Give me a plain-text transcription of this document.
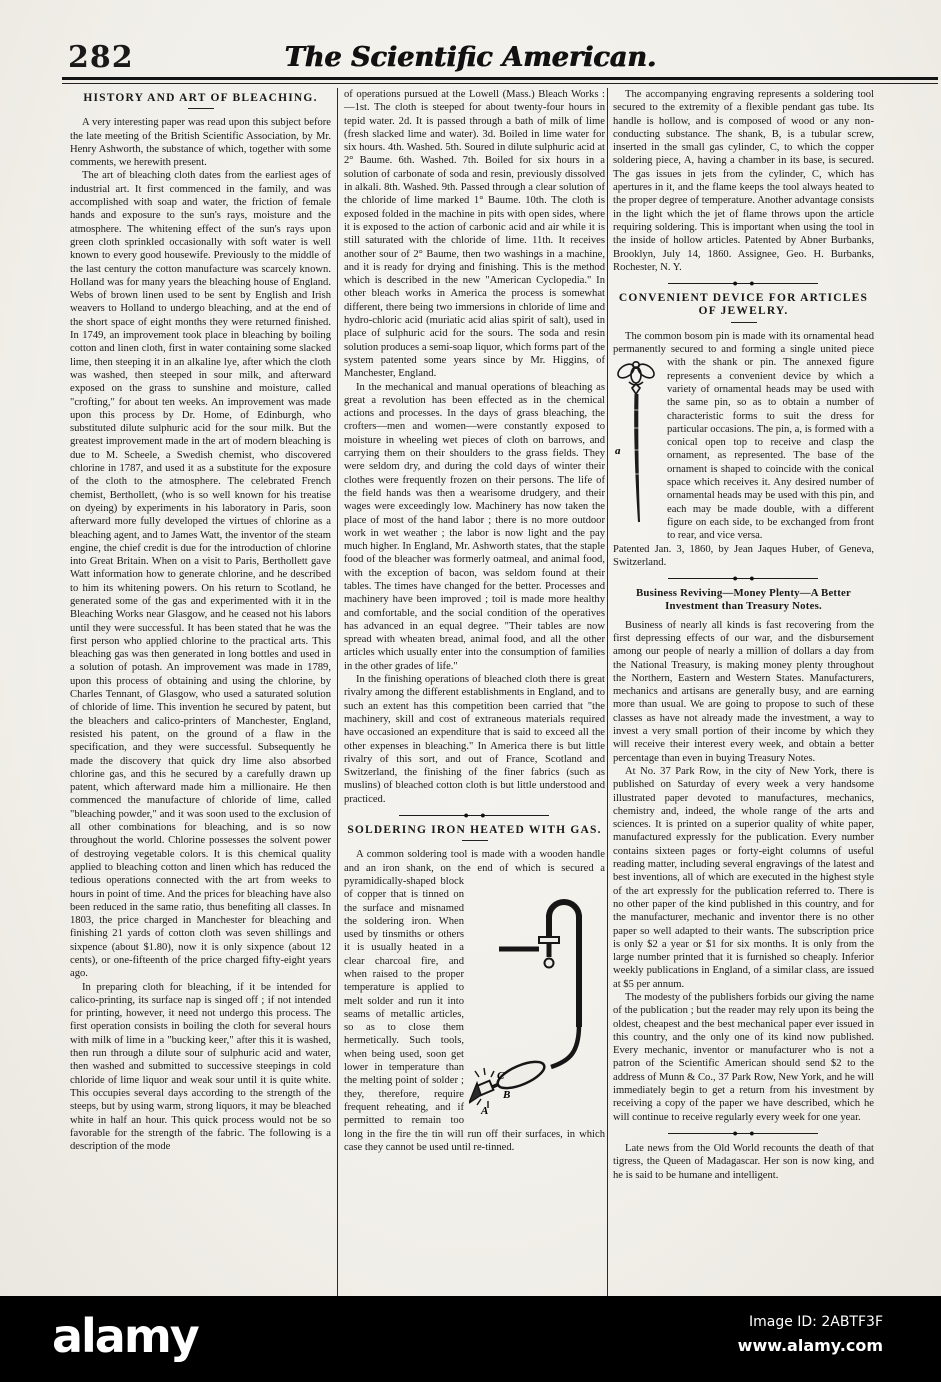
282	The Scientific American.
HISTORY AND ART OF BLEACHING.

A very interesting paper was read upon this subject before the late meeting of the British Scientific Association, by Mr. Henry Ashworth, the substance of which, together with some comments, we herewith present.

The art of bleaching cloth dates from the earliest ages of industrial art. It first commenced in the family, and was accomplished with soap and water, the friction of female hands and exposure to the sun's rays, moisture and the atmosphere. The whitening effect of the sun's rays upon green cloth sprinkled occasionally with soft water is well known to every good housewife. Previously to the middle of the last century the cotton manufacture was scarcely known. Holland was for many years the bleaching house of England. Webs of brown linen used to be sent by English and Irish weavers to Holland to undergo bleaching, and at the end of the short space of eight months they were returned finished. In 1749, an improvement took place in bleaching by boiling cotton and linen cloth, first in water containing some slacked lime, then steeping it in an alkaline lye, after which the cloth was washed, then steeped in sour milk, and afterward exposed on the grass to sunshine and moisture, called "crofting," for about ten weeks. An improvement was made upon this process by Dr. Home, of Edinburgh, who substituted dilute sulphuric acid for the sour milk. But the greatest improvement made in the art of modern bleaching is due to M. Scheele, a Swedish chemist, who discovered chlorine in 1787, and used it as a substitute for the exposure of the cloth to the atmosphere. The celebrated French chemist, Berthollett, (who is so well known for his treatise on dyeing) by experiments in his laboratory in Paris, soon afterward more fully developed the virtues of chlorine as a bleaching agent, and to James Watt, the inventor of the steam engine, the chief credit is due for the introduction of chlorine into Great Britain. When on a visit to Paris, Berthollett gave Watt information how to generate chlorine, and he described to him its whitening powers. On his return to Scotland, he generated some of the gas and experimented with it in the Bleaching Works near Glasgow, and he ceased not his labors until they were successful. It has been stated that he was the first person who applied chlorine to the practical arts. This bleaching gas was then generated in long bottles and used in a solution of potash. An improvement was made in 1789, upon this process of obtaining and using the chlorine, by Charles Tennant, of Glasgow, who used a saturated solution of chloride of lime. This invention he secured by patent, but the bleachers and calico-printers of Manchester, England, resisted his patent, on the ground of a flaw in the specification, and they were successful. Subsequently he made the discovery that quick dry lime also absorbed chlorine gas, and this he secured by a carefully drawn up patent, which afterward made him a millionaire. He then commenced the manufacture of chloride of lime, called "bleaching powder," and it was soon used to the exclusion of all other combinations for bleaching, and is so now throughout the world. Chlorine possesses the solvent power of destroying vegetable colors. It is this chemical quality applied to bleaching cotton and linen which has reduced the tedious operations connected with the art from weeks to hours in point of time. And the prices for bleaching have also been reduced in the same ratio, thus benefiting all classes. In 1803, the price charged in Manchester for bleaching and finishing 21 yards of cotton cloth was seven shillings and sixpence (about $1.80), now it is only sixpence (about 12 cents), or one-fifteenth of the price charged fifty-eight years ago.

In preparing cloth for bleaching, if it be intended for calico-printing, its surface nap is singed off ; if not intended for printing, however, it need not undergo this process. The first operation consists in boiling the cloth for several hours with milk of lime in a "bucking keer," after this it is washed, then run through a dilute sour of sulphuric acid and water, then washed and submitted to successive steepings in cold chloride of lime liquor and weak sour until it is quite white. This occupies several days according to the strength of the steeps, but by using warm, strong liquors, it may be bleached white in half an hour. This quick process would not be so favorable for the strength of the fabric. The following is a description of the mode

of operations pursued at the Lowell (Mass.) Bleach Works :—1st. The cloth is steeped for about twenty-four hours in tepid water. 2d. It is passed through a bath of milk of lime (fresh slacked lime and water). 3d. Boiled in lime water for six hours. 4th. Washed. 5th. Soured in dilute sulphuric acid at 2° Baume. 6th. Washed. 7th. Boiled for six hours in a solution of carbonate of soda and resin, previously dissolved in alkali. 8th. Washed. 9th. Passed through a clear solution of the chloride of lime marked 1° Baume. 10th. The cloth is exposed folded in the machine in pits with open sides, where it is exposed to the action of carbonic acid and air while it is still saturated with the chloride of lime. 11th. It receives another sour of 2° Baume, then two washings in a machine, and it is ready for drying and finishing. This is the method which is described in the new "American Cyclopedia." In other bleach works in America the process is somewhat different, there being two immersions in chloride of lime and hydro-chloric acid (muriatic acid alias spirit of salt), used in place of sulphuric acid for the sours. The soda and resin solution produces a semi-soap liquor, which forms part of the system patented some years since by Mr. Higgins, of Manchester, England.

In the mechanical and manual operations of bleaching as great a revolution has been effected as in the chemical actions and processes. In the days of grass bleaching, the crofters—men and women—were constantly exposed to moisture in wheeling wet pieces of cloth on barrows, and carrying them on their shoulders to the grass fields. They were seldom dry, and during the cold days of winter their clothes were frequently frozen on their persons. The life of the field hands was then a wearisome drudgery, and their wages were exceedingly low. Machinery has now taken the place of most of the hand labor ; there is no more outdoor work in wet weather ; the labor is now light and the pay much higher. In England, Mr. Ashworth states, that the staple food of the bleacher was formerly oatmeal, and animal food, with the exception of bacon, was seldom found at their tables. The times have changed for the better. Processes and machinery have been improved ; toil is made more healthy and comfortable, and the social condition of the operatives has advanced in an equal degree. "Their tables are now spread with wheaten bread, animal food, and all the other articles which usually enter into the consumption of families in the other grades of life."

In the finishing operations of bleached cloth there is great rivalry among the different establishments in England, and to such an extent has this competition been carried that "the machinery, skill and cost of extraneous materials required have occasioned an expenditure that is said to exceed all the other expenses in bleaching." In America there is but little rivalry of this sort, and out of France, Scotland and Switzerland, the finishing of the finer fabrics (such as muslins) of bleached cotton cloth is but little understood and practiced.

SOLDERING IRON HEATED WITH GAS.

A common soldering tool is made with a wooden handle and an iron shank, on the end of which is
C
B
A
secured a pyramidically-shaped block of copper that is tinned on the surface and misnamed the soldering iron. When used by tinsmiths or others it is usually heated in a clear charcoal fire, and when raised to the proper temperature is applied to melt solder and run it into seams of metallic articles, so as to close them hermetically. Such tools, when being used, soon get lower in temperature than the melting point of solder ; they, therefore, require frequent reheating, and if permitted to remain too long in the fire the tin will run off their surfaces, in which case they cannot be used until re-tinned.

The accompanying engraving represents a soldering tool secured to the extremity of a flexible pendant gas tube. Its handle is hollow, and is composed of wood or any non-conducting substance. The shank, B, is a tubular screw, inserted in the small gas cylinder, C, to which the copper soldering piece, A, having a chamber in its base, is secured. The gas issues in jets from the cylinder, C, which has apertures in it, and the flame keeps the tool always heated to the proper degree of temperature. Another advantage consists in the light which the jet of flame throws upon the article requiring soldering. This is important when using the tool in the inside of hollow articles. Patented by Abner Burbanks, Brooklyn, July 14, 1860. Assignee, Geo. H. Burbanks, Rochester, N. Y.

CONVENIENT DEVICE FOR ARTICLES OF JEWELRY.

The common bosom pin is made with its ornamental head permanently secured to and forming a single united piece with the shank or pin. The annexed
a
figure represents a convenient device by which a variety of ornamental heads may be used with the same pin, so as to obtain a number of characteristic forms to suit the dress for particular occasions. The pin, a, is formed with a conical open top to receive and clasp the ornament, as represented. The base of the ornament is shaped to coincide with the conical space which receives it. Any desired number of ornamental heads may be used with this pin, and each may be made double, with a different figure on each side, to be exchanged from front to rear, and vice versa.

Patented Jan. 3, 1860, by Jean Jaques Huber, of Geneva, Switzerland.

Business Reviving—Money Plenty—A Better Investment than Treasury Notes.

Business of nearly all kinds is fast recovering from the first depressing effects of our war, and the disbursement among our people of nearly a million of dollars a day from the National Treasury, is making money plenty throughout the Northern, Eastern and Western States. Manufacturers, mechanics and artisans are generally busy, and are earning more than usual. We are going to propose to such of these classes as have not already made the investment, a way to invest a very small portion of their income by which they will receive their interest every week, and obtain a better percentage than even in buying Treasury Notes.

At No. 37 Park Row, in the city of New York, there is published on Saturday of every week a very handsome illustrated paper devoted to manufactures, mechanics, chemistry and, indeed, the whole range of the arts and sciences. It is printed on a superior quality of white paper, manufactured expressly for the publication. Every number contains sixteen pages or forty-eight columns of useful reading matter, including several engravings of the latest and best inventions, all of which are executed in the highest style of the art expressly for the publication referred to. There is no other paper of the kind published in this country, and for the manufacturer, mechanic and inventor there is no other paper so well adapted to their wants. The subscription price is only $2 a year or $1 for six months. It is only from the large number printed that it is furnished so cheaply. Inferior weekly publications in England, of a similar class, are issued at $5 per annum.

The modesty of the publishers forbids our giving the name of the publication ; but the reader may rely upon its being the oldest, cheapest and the best mechanical paper ever issued in this country, and the only one of its kind now published. Every mechanic, inventor or manufacturer who is not a patron of the Scientific American should send $2 to the address of Munn & Co., 37 Park Row, New York, and he will immediately begin to get a return from his investment by receiving a copy of the paper we have described, which he will continue to receive regularly every week for one year.

Late news from the Old World recounts the death of that tigress, the Queen of Madagascar. Her son is now king, and he is said to be humane and intelligent.

alamy	Image ID: 2ABTF3F
www.alamy.com
